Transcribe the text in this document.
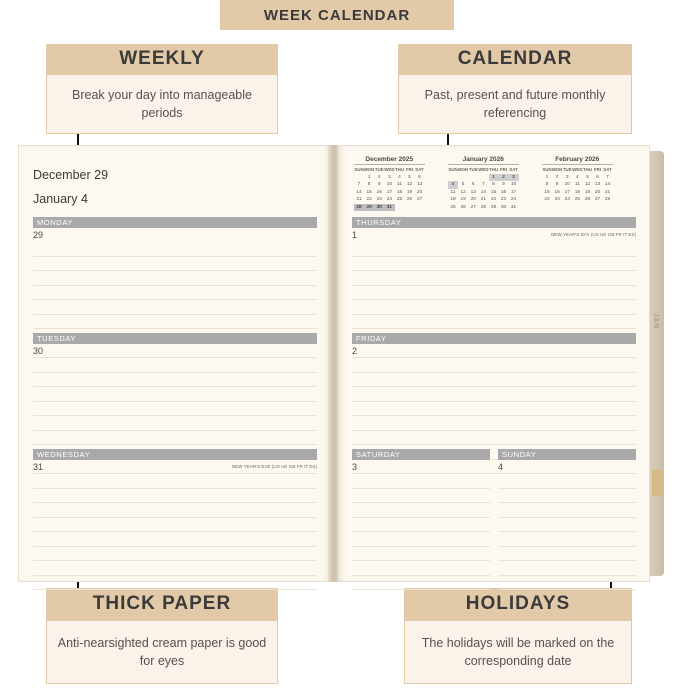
WEEK CALENDAR
WEEKLY
Break your day into manageable periods
CALENDAR
Past, present and future monthly referencing
THICK PAPER
Anti-nearsighted cream paper is good for eyes
HOLIDAYS
The holidays will be marked on the corresponding date
December 29
January 4
MONDAY
29
TUESDAY
30
WEDNESDAY
31	NEW YEAR'S EVE (US UK GB FR IT ES)
December 2025
SUN	MON	TUE	WED	THU	FRI	SAT
	1	2	3	4	5	6
7	8	9	10	11	12	13
14	15	16	17	18	19	20
21	22	23	24	25	26	27
28	29	30	31			
January 2026
SUN	MON	TUE	WED	THU	FRI	SAT
				1	2	3
4	5	6	7	8	9	10
11	12	13	14	15	16	17
18	19	20	21	22	23	24
25	26	27	28	29	30	31
February 2026
SUN	MON	TUE	WED	THU	FRI	SAT
1	2	3	4	5	6	7
8	9	10	11	12	13	14
15	16	17	18	19	20	21
22	23	24	25	26	27	28
THURSDAY
1	NEW YEAR'S DAY (US UK GB FR IT ES)
FRIDAY
2
SATURDAY
3
SUNDAY
4
JAN
